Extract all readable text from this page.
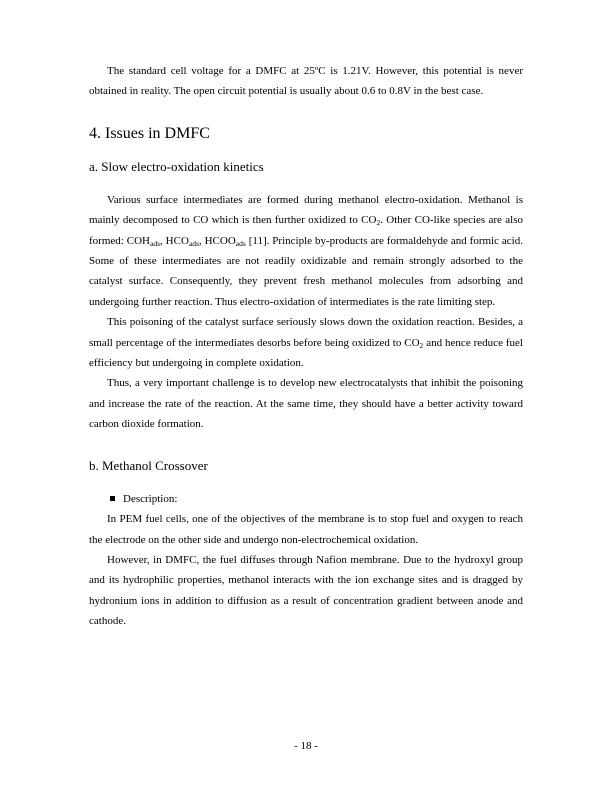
The standard cell voltage for a DMFC at 25ºC is 1.21V. However, this potential is never obtained in reality. The open circuit potential is usually about 0.6 to 0.8V in the best case.

4. Issues in DMFC
a. Slow electro-oxidation kinetics

Various surface intermediates are formed during methanol electro-oxidation. Methanol is mainly decomposed to CO which is then further oxidized to $CO_2$. Other CO-like species are also formed: $COH_{ads}$, $HCO_{ads}$, $HCOO_{ads}$ [11]. Principle by-products are formaldehyde and formic acid. Some of these intermediates are not readily oxidizable and remain strongly adsorbed to the catalyst surface. Consequently, they prevent fresh methanol molecules from adsorbing and undergoing further reaction. Thus electro-oxidation of intermediates is the rate limiting step.

This poisoning of the catalyst surface seriously slows down the oxidation reaction. Besides, a small percentage of the intermediates desorbs before being oxidized to $CO_2$ and hence reduce fuel efficiency but undergoing in complete oxidation.

Thus, a very important challenge is to develop new electrocatalysts that inhibit the poisoning and increase the rate of the reaction. At the same time, they should have a better activity toward carbon dioxide formation.

b. Methanol Crossover
Description:

In PEM fuel cells, one of the objectives of the membrane is to stop fuel and oxygen to reach the electrode on the other side and undergo non-electrochemical oxidation.

However, in DMFC, the fuel diffuses through Nafion membrane. Due to the hydroxyl group and its hydrophilic properties, methanol interacts with the ion exchange sites and is dragged by hydronium ions in addition to diffusion as a result of concentration gradient between anode and cathode.

- 18 -
